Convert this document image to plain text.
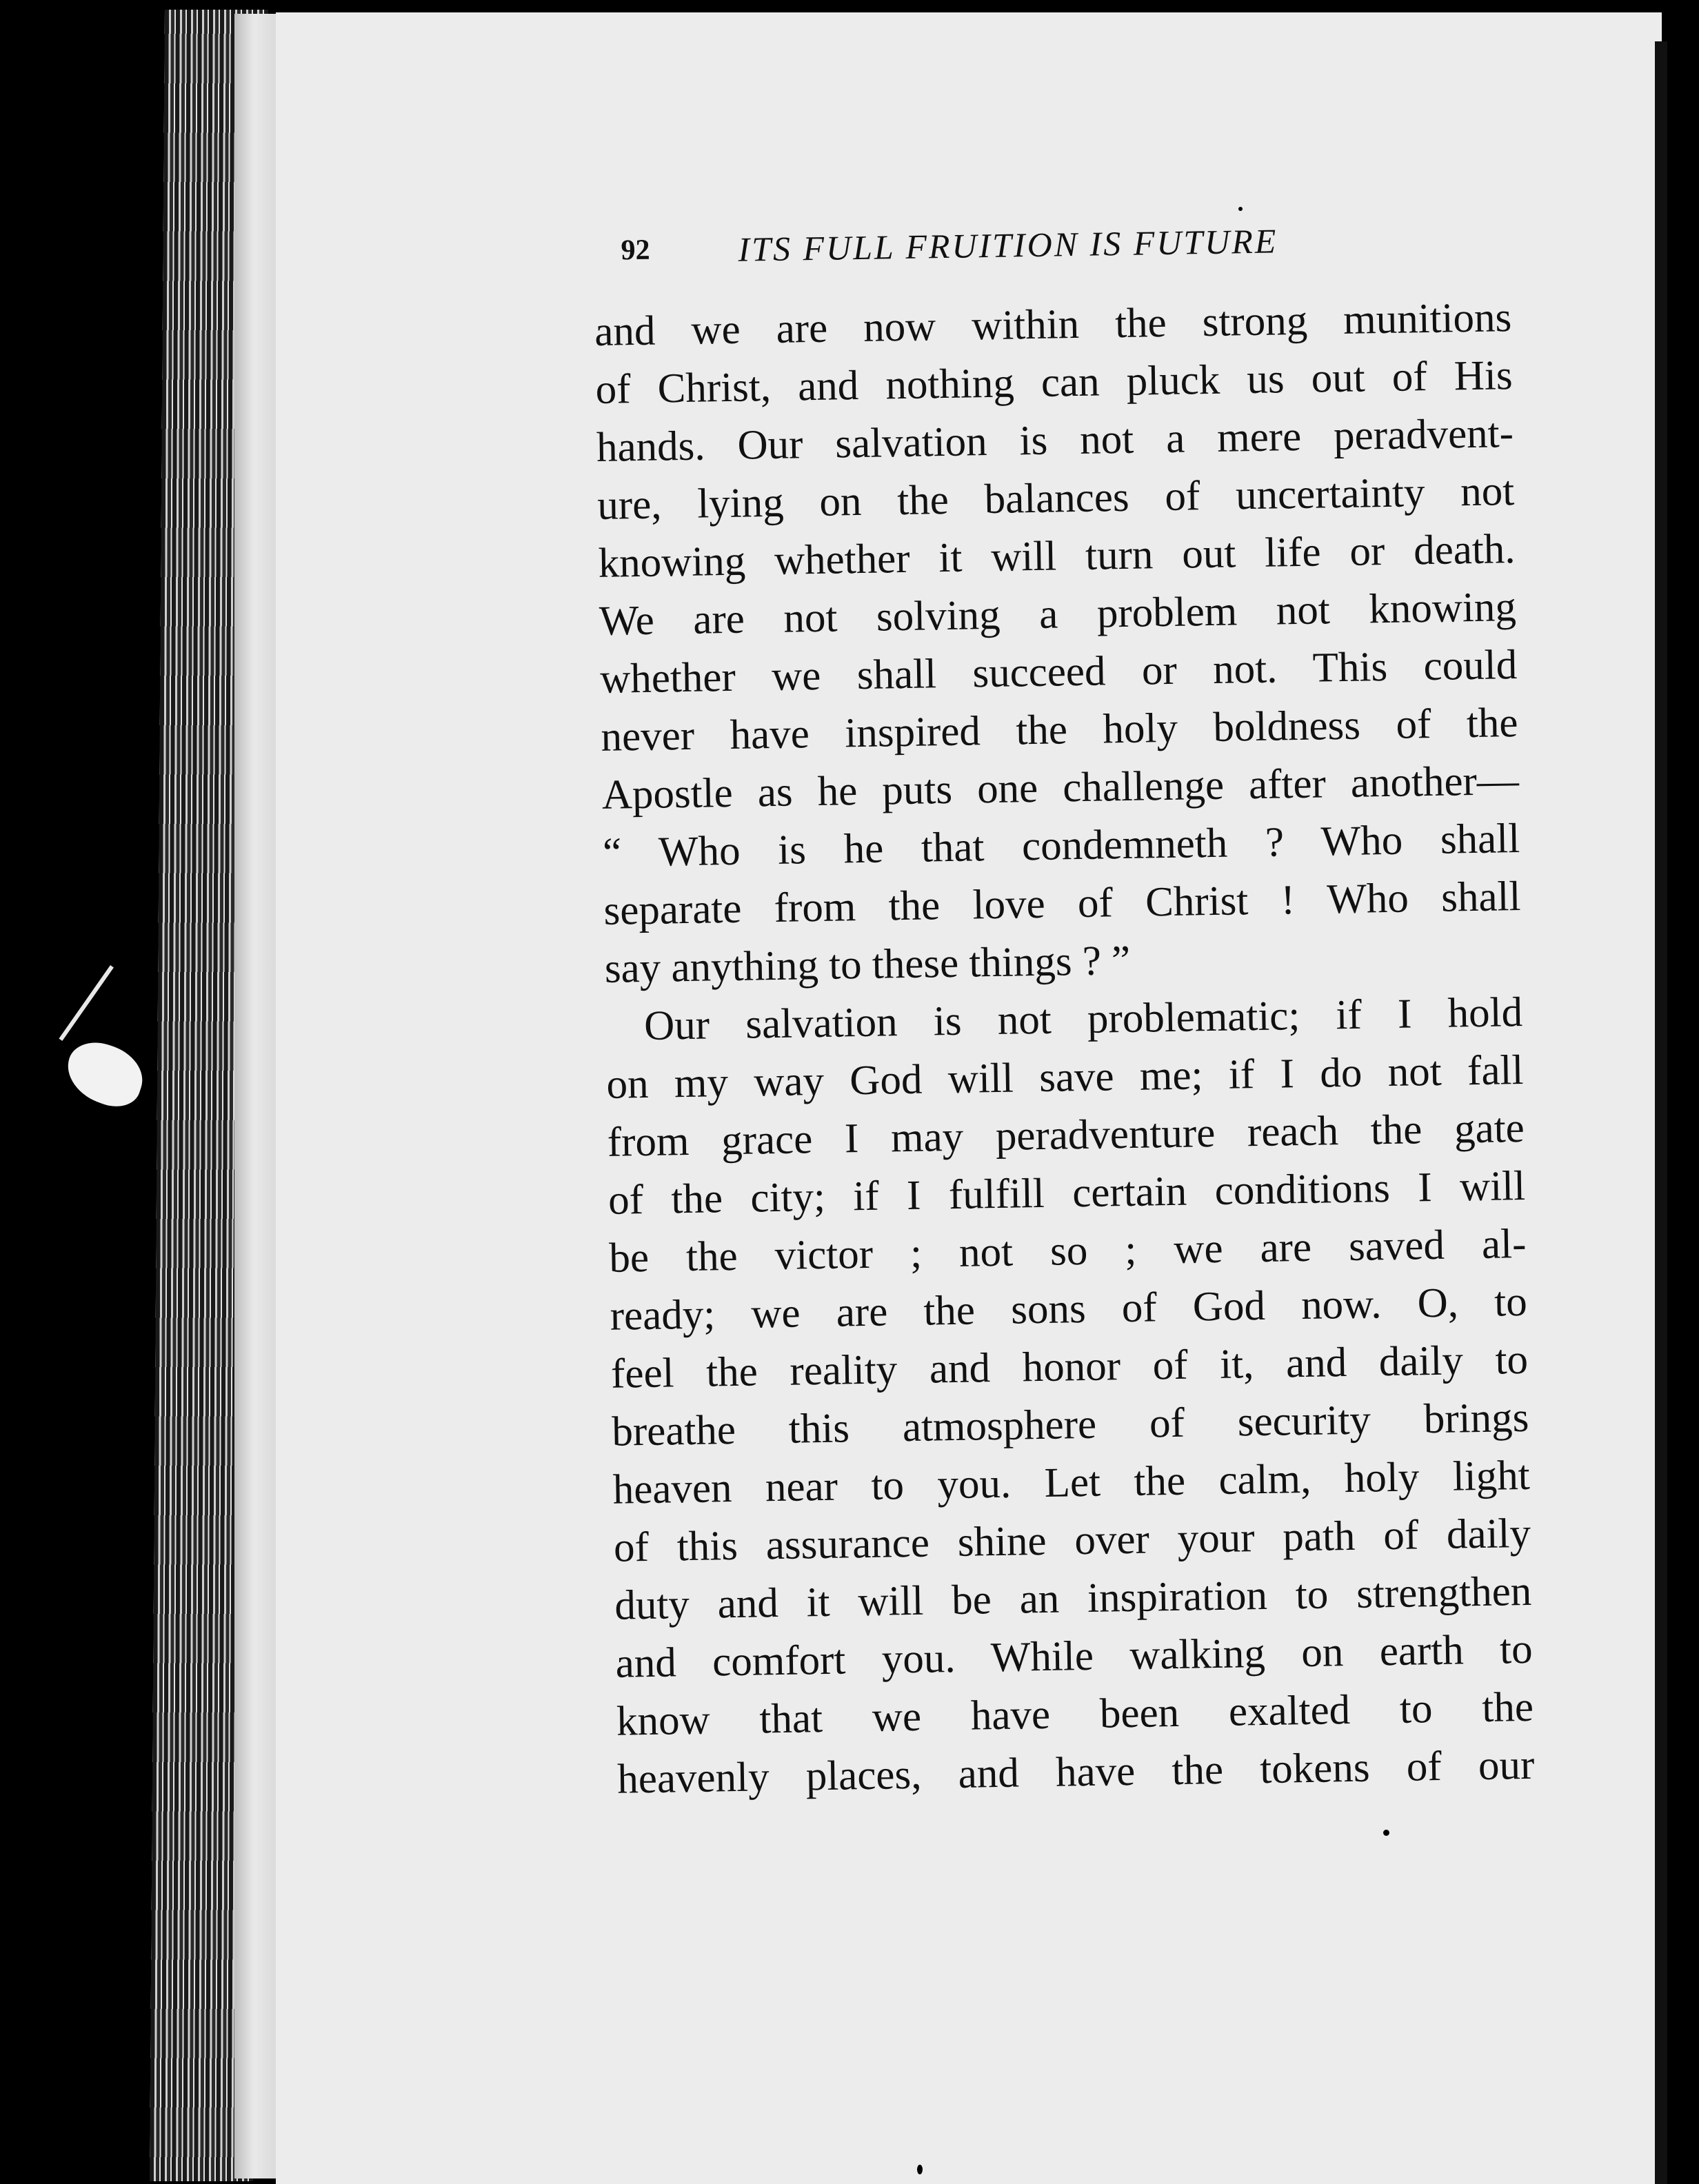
92	ITS FULL FRUITION IS FUTURE
and we are now within the strong munitions
of Christ, and nothing can pluck us out of His
hands. Our salvation is not a mere peradvent-
ure, lying on the balances of uncertainty not
knowing whether it will turn out life or death.
We are not solving a problem not knowing
whether we shall succeed or not. This could
never have inspired the holy boldness of the
Apostle as he puts one challenge after another—
“ Who is he that condemneth ? Who shall
separate from the love of Christ ! Who shall
say anything to these things ? ”
Our salvation is not problematic; if I hold
on my way God will save me; if I do not fall
from grace I may peradventure reach the gate
of the city; if I fulfill certain conditions I will
be the victor ; not so ; we are saved al-
ready; we are the sons of God now. O, to
feel the reality and honor of it, and daily to
breathe this atmosphere of security brings
heaven near to you. Let the calm, holy light
of this assurance shine over your path of daily
duty and it will be an inspiration to strengthen
and comfort you. While walking on earth to
know that we have been exalted to the
heavenly places, and have the tokens of our
